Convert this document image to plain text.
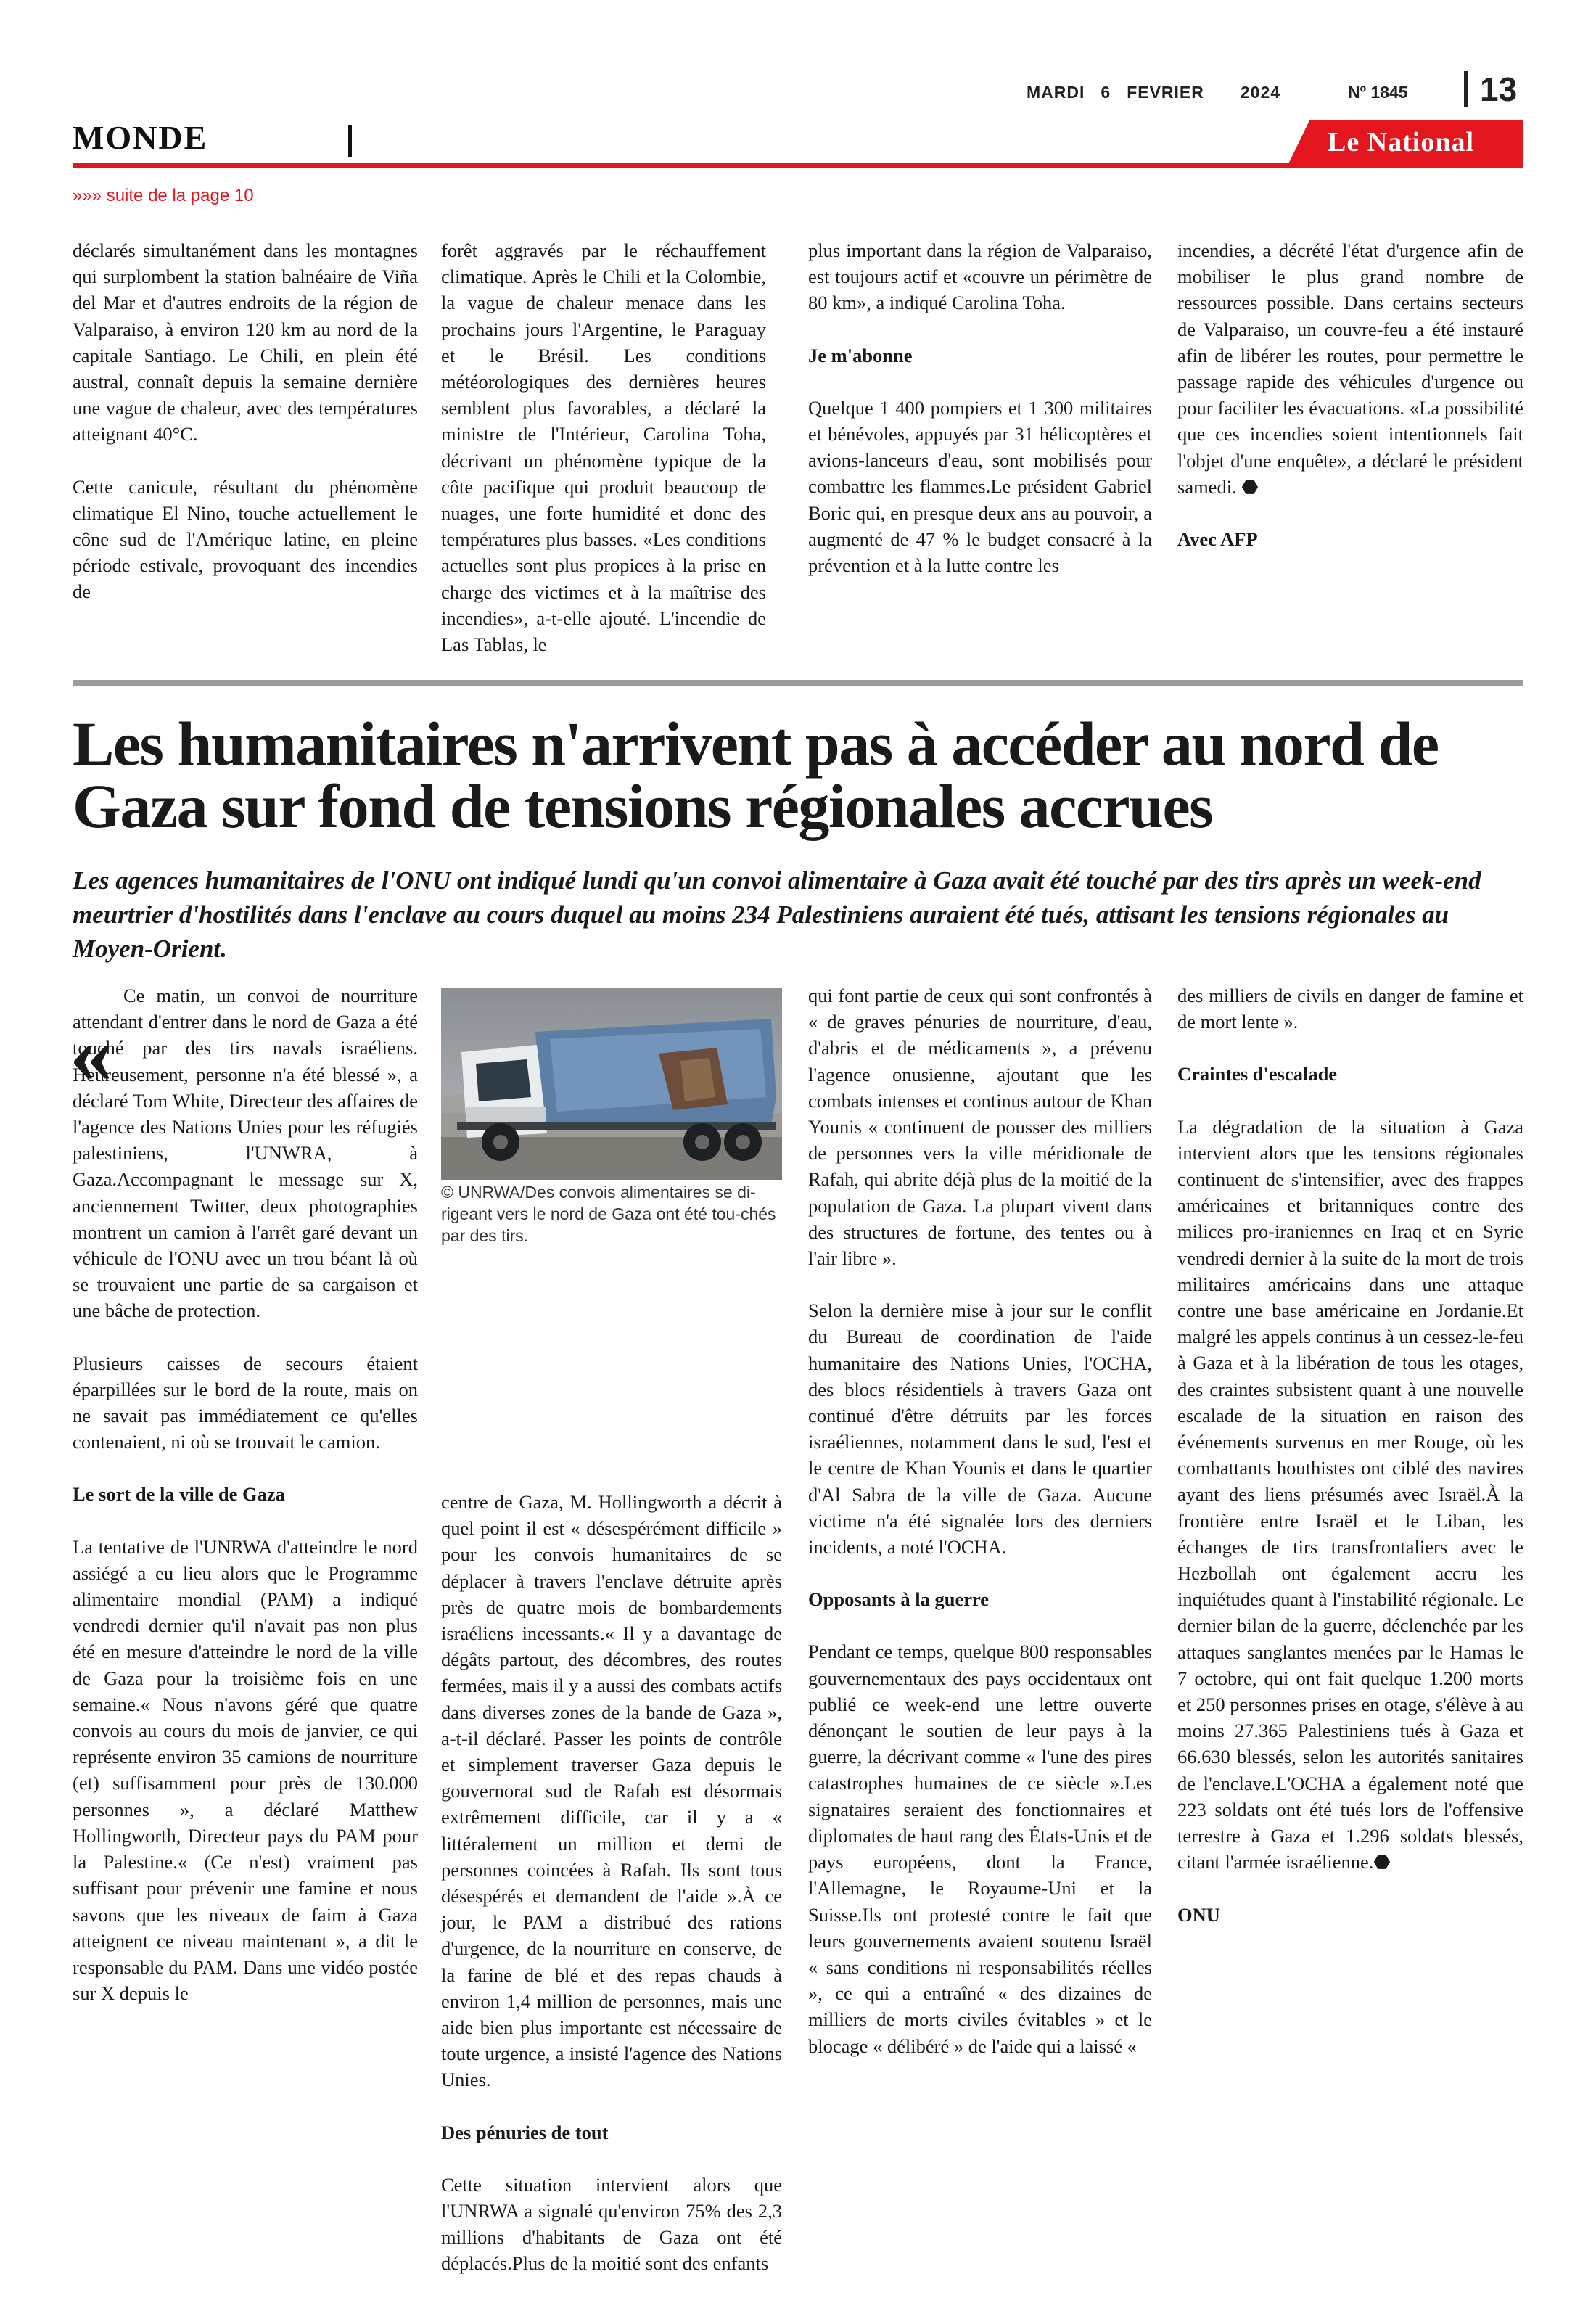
MARDI 6 FEVRIER 2024	Nº 1845 13
MONDE	Le National
»»» suite de la page 10

déclarés simultanément dans les montagnes qui surplombent la station balnéaire de Viña del Mar et d'autres endroits de la région de Valparaiso, à environ 120 km au nord de la capitale Santiago. Le Chili, en plein été austral, connaît depuis la semaine dernière une vague de chaleur, avec des températures atteignant 40°C.

Cette canicule, résultant du phénomène climatique El Nino, touche actuellement le cône sud de l'Amérique latine, en pleine période estivale, provoquant des incendies de

forêt aggravés par le réchauffement climatique. Après le Chili et la Colombie, la vague de chaleur menace dans les prochains jours l'Argentine, le Paraguay et le Brésil. Les conditions météorologiques des dernières heures semblent plus favorables, a déclaré la ministre de l'Intérieur, Carolina Toha, décrivant un phénomène typique de la côte pacifique qui produit beaucoup de nuages, une forte humidité et donc des températures plus basses. «Les conditions actuelles sont plus propices à la prise en charge des victimes et à la maîtrise des incendies», a-t-elle ajouté. L'incendie de Las Tablas, le

plus important dans la région de Valparaiso, est toujours actif et «couvre un périmètre de 80 km», a indiqué Carolina Toha.

Je m'abonne

Quelque 1 400 pompiers et 1 300 militaires et bénévoles, appuyés par 31 hélicoptères et avions-lanceurs d'eau, sont mobilisés pour combattre les flammes.Le président Gabriel Boric qui, en presque deux ans au pouvoir, a augmenté de 47 % le budget consacré à la prévention et à la lutte contre les

incendies, a décrété l'état d'urgence afin de mobiliser le plus grand nombre de ressources possible. Dans certains secteurs de Valparaiso, un couvre-feu a été instauré afin de libérer les routes, pour permettre le passage rapide des véhicules d'urgence ou pour faciliter les évacuations. «La possibilité que ces incendies soient intentionnels fait l'objet d'une enquête», a déclaré le président samedi. ⬣

Avec AFP
Les humanitaires n'arrivent pas à accéder au nord de Gaza sur fond de tensions régionales accrues
Les agences humanitaires de l'ONU ont indiqué lundi qu'un convoi alimentaire à Gaza avait été touché par des tirs après un week-end meurtrier d'hostilités dans l'enclave au cours duquel au moins 234 Palestiniens auraient été tués, attisant les tensions régionales au Moyen-Orient.
«

Ce matin, un convoi de nourriture attendant d'entrer dans le nord de Gaza a été touché par des tirs navals israéliens. Heureusement, personne n'a été blessé », a déclaré Tom White, Directeur des affaires de l'agence des Nations Unies pour les réfugiés palestiniens, l'UNWRA, à Gaza.Accompagnant le message sur X, anciennement Twitter, deux photographies montrent un camion à l'arrêt garé devant un véhicule de l'ONU avec un trou béant là où se trouvaient une partie de sa cargaison et une bâche de protection.

Plusieurs caisses de secours étaient éparpillées sur le bord de la route, mais on ne savait pas immédiatement ce qu'elles contenaient, ni où se trouvait le camion.

Le sort de la ville de Gaza

La tentative de l'UNRWA d'atteindre le nord assiégé a eu lieu alors que le Programme alimentaire mondial (PAM) a indiqué vendredi dernier qu'il n'avait pas non plus été en mesure d'atteindre le nord de la ville de Gaza pour la troisième fois en une semaine.« Nous n'avons géré que quatre convois au cours du mois de janvier, ce qui représente environ 35 camions de nourriture (et) suffisamment pour près de 130.000 personnes », a déclaré Matthew Hollingworth, Directeur pays du PAM pour la Palestine.« (Ce n'est) vraiment pas suffisant pour prévenir une famine et nous savons que les niveaux de faim à Gaza atteignent ce niveau maintenant », a dit le responsable du PAM. Dans une vidéo postée sur X depuis le

© UNRWA/Des convois alimentaires se di-rigeant vers le nord de Gaza ont été tou-chés par des tirs.

centre de Gaza, M. Hollingworth a décrit à quel point il est « désespérément difficile » pour les convois humanitaires de se déplacer à travers l'enclave détruite après près de quatre mois de bombardements israéliens incessants.« Il y a davantage de dégâts partout, des décombres, des routes fermées, mais il y a aussi des combats actifs dans diverses zones de la bande de Gaza », a-t-il déclaré. Passer les points de contrôle et simplement traverser Gaza depuis le gouvernorat sud de Rafah est désormais extrêmement difficile, car il y a « littéralement un million et demi de personnes coincées à Rafah. Ils sont tous désespérés et demandent de l'aide ».À ce jour, le PAM a distribué des rations d'urgence, de la nourriture en conserve, de la farine de blé et des repas chauds à environ 1,4 million de personnes, mais une aide bien plus importante est nécessaire de toute urgence, a insisté l'agence des Nations Unies.

Des pénuries de tout

Cette situation intervient alors que l'UNRWA a signalé qu'environ 75% des 2,3 millions d'habitants de Gaza ont été déplacés.Plus de la moitié sont des enfants

qui font partie de ceux qui sont confrontés à « de graves pénuries de nourriture, d'eau, d'abris et de médicaments », a prévenu l'agence onusienne, ajoutant que les combats intenses et continus autour de Khan Younis « continuent de pousser des milliers de personnes vers la ville méridionale de Rafah, qui abrite déjà plus de la moitié de la population de Gaza. La plupart vivent dans des structures de fortune, des tentes ou à l'air libre ».

Selon la dernière mise à jour sur le conflit du Bureau de coordination de l'aide humanitaire des Nations Unies, l'OCHA, des blocs résidentiels à travers Gaza ont continué d'être détruits par les forces israéliennes, notamment dans le sud, l'est et le centre de Khan Younis et dans le quartier d'Al Sabra de la ville de Gaza. Aucune victime n'a été signalée lors des derniers incidents, a noté l'OCHA.

Opposants à la guerre

Pendant ce temps, quelque 800 responsables gouvernementaux des pays occidentaux ont publié ce week-end une lettre ouverte dénonçant le soutien de leur pays à la guerre, la décrivant comme « l'une des pires catastrophes humaines de ce siècle ».Les signataires seraient des fonctionnaires et diplomates de haut rang des États-Unis et de pays européens, dont la France, l'Allemagne, le Royaume-Uni et la Suisse.Ils ont protesté contre le fait que leurs gouvernements avaient soutenu Israël « sans conditions ni responsabilités réelles », ce qui a entraîné « des dizaines de milliers de morts civiles évitables » et le blocage « délibéré » de l'aide qui a laissé «

des milliers de civils en danger de famine et de mort lente ».

Craintes d'escalade

La dégradation de la situation à Gaza intervient alors que les tensions régionales continuent de s'intensifier, avec des frappes américaines et britanniques contre des milices pro-iraniennes en Iraq et en Syrie vendredi dernier à la suite de la mort de trois militaires américains dans une attaque contre une base américaine en Jordanie.Et malgré les appels continus à un cessez-le-feu à Gaza et à la libération de tous les otages, des craintes subsistent quant à une nouvelle escalade de la situation en raison des événements survenus en mer Rouge, où les combattants houthistes ont ciblé des navires ayant des liens présumés avec Israël.À la frontière entre Israël et le Liban, les échanges de tirs transfrontaliers avec le Hezbollah ont également accru les inquiétudes quant à l'instabilité régionale. Le dernier bilan de la guerre, déclenchée par les attaques sanglantes menées par le Hamas le 7 octobre, qui ont fait quelque 1.200 morts et 250 personnes prises en otage, s'élève à au moins 27.365 Palestiniens tués à Gaza et 66.630 blessés, selon les autorités sanitaires de l'enclave.L'OCHA a également noté que 223 soldats ont été tués lors de l'offensive terrestre à Gaza et 1.296 soldats blessés, citant l'armée israélienne.⬣

ONU
